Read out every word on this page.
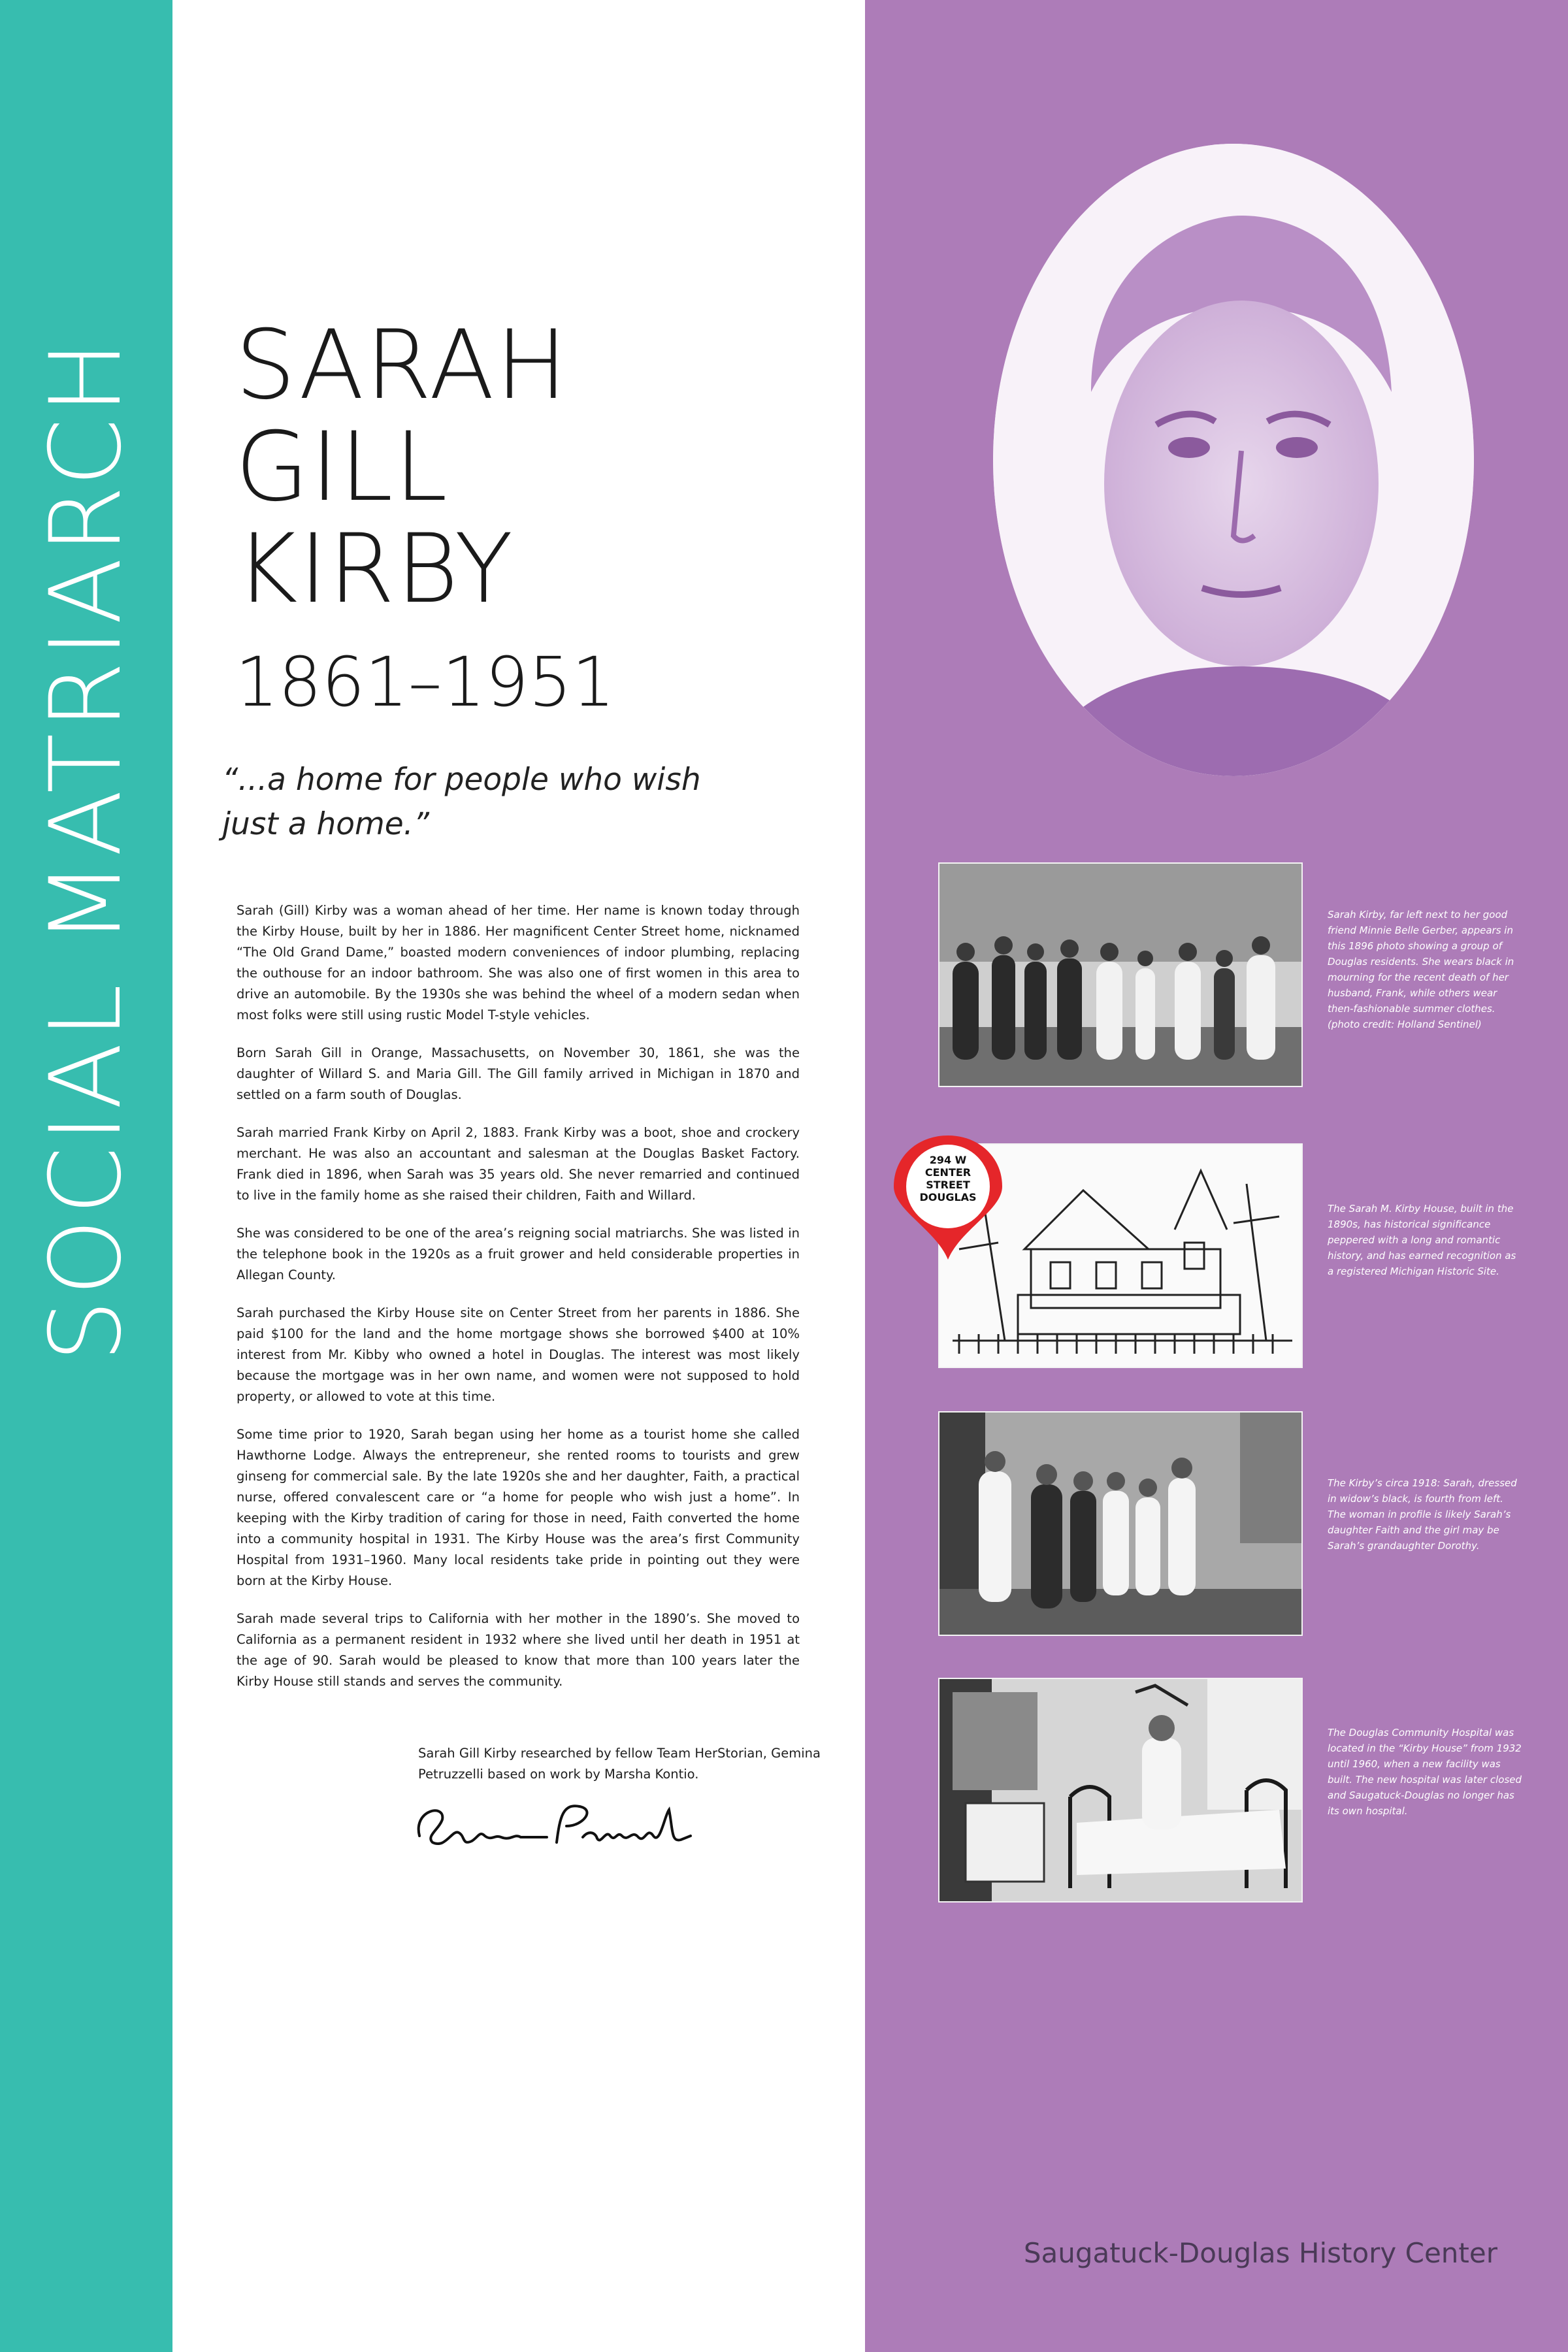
SOCIAL MATRIARCH SARAH
GILL
KIRBY
1861–1951

“...a home for people who wish just a home.”

Sarah (Gill) Kirby was a woman ahead of her time. Her name is known today through the Kirby House, built by her in 1886. Her magnificent Center Street home, nicknamed “The Old Grand Dame,” boasted modern conveniences of indoor plumbing, replacing the outhouse for an indoor bathroom. She was also one of first women in this area to drive an automobile. By the 1930s she was behind the wheel of a modern sedan when most folks were still using rustic Model T-style vehicles.

Born Sarah Gill in Orange, Massachusetts, on November 30, 1861, she was the daughter of Willard S. and Maria Gill. The Gill family arrived in Michigan in 1870 and settled on a farm south of Douglas.

Sarah married Frank Kirby on April 2, 1883. Frank Kirby was a boot, shoe and crockery merchant. He was also an accountant and salesman at the Douglas Basket Factory. Frank died in 1896, when Sarah was 35 years old. She never remarried and continued to live in the family home as she raised their children, Faith and Willard.

She was considered to be one of the area’s reigning social matriarchs. She was listed in the telephone book in the 1920s as a fruit grower and held considerable properties in Allegan County.

Sarah purchased the Kirby House site on Center Street from her parents in 1886. She paid $100 for the land and the home mortgage shows she borrowed $400 at 10% interest from Mr. Kibby who owned a hotel in Douglas. The interest was most likely because the mortgage was in her own name, and women were not supposed to hold property, or allowed to vote at this time.

Some time prior to 1920, Sarah began using her home as a tourist home she called Hawthorne Lodge. Always the entrepreneur, she rented rooms to tourists and grew ginseng for commercial sale. By the late 1920s she and her daughter, Faith, a practical nurse, offered convalescent care or “a home for people who wish just a home”. In keeping with the Kirby tradition of caring for those in need, Faith converted the home into a community hospital in 1931. The Kirby House was the area’s first Community Hospital from 1931–1960. Many local residents take pride in pointing out they were born at the Kirby House.

Sarah made several trips to California with her mother in the 1890’s. She moved to California as a permanent resident in 1932 where she lived until her death in 1951 at the age of 90. Sarah would be pleased to know that more than 100 years later the Kirby House still stands and serves the community.

Sarah Gill Kirby researched by fellow Team HerStorian, Gemina Petruzzelli based on work by Marsha Kontio.

Sarah Kirby, far left next to her good friend Minnie Belle Gerber, appears in this 1896 photo showing a group of Douglas residents. She wears black in mourning for the recent death of her husband, Frank, while others wear then-fashionable summer clothes. (photo credit: Holland Sentinel)

The Sarah M. Kirby House, built in the 1890s, has historical significance peppered with a long and romantic history, and has earned recognition as a registered Michigan Historic Site.

294 W
CENTER
STREET
DOUGLAS

The Kirby’s circa 1918: Sarah, dressed in widow’s black, is fourth from left. The woman in profile is likely Sarah’s daughter Faith and the girl may be Sarah’s grandaughter Dorothy.

The Douglas Community Hospital was located in the “Kirby House” from 1932 until 1960, when a new facility was built. The new hospital was later closed and Saugatuck-Douglas no longer has its own hospital.

Saugatuck-Douglas History Center
